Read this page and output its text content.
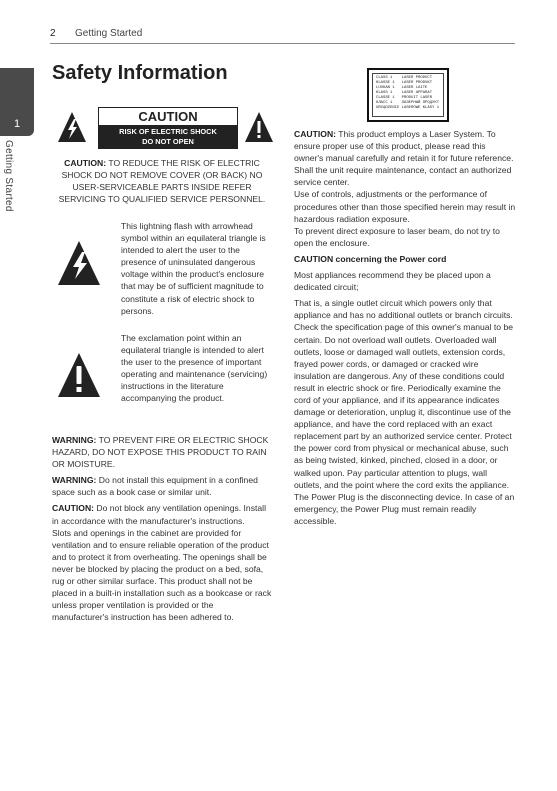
2 Getting Started
1
Getting Started
Safety Information
CAUTION
RISK OF ELECTRIC SHOCK
DO NOT OPEN
CAUTION: TO REDUCE THE RISK OF ELECTRIC SHOCK DO NOT REMOVE COVER (OR BACK) NO USER-SERVICEABLE PARTS INSIDE REFER SERVICING TO QUALIFIED SERVICE PERSONNEL.

This lightning flash with arrowhead symbol within an equilateral triangle is intended to alert the user to the presence of uninsulated dangerous voltage within the product's enclosure that may be of sufficient magnitude to constitute a risk of electric shock to persons.

The exclamation point within an equilateral triangle is intended to alert the user to the presence of important operating and maintenance (servicing) instructions in the literature accompanying the product.

WARNING: TO PREVENT FIRE OR ELECTRIC SHOCK HAZARD, DO NOT EXPOSE THIS PRODUCT TO RAIN OR MOISTURE.

WARNING: Do not install this equipment in a confined space such as a book case or similar unit.

CAUTION: Do not block any ventilation openings. Install in accordance with the manufacturer's instructions.

Slots and openings in the cabinet are provided for ventilation and to ensure reliable operation of the product and to protect it from overheating. The openings shall be never be blocked by placing the product on a bed, sofa, rug or other similar surface. This product shall not be placed in a built-in installation such as a bookcase or rack unless proper ventilation is provided or the manufacturer's instruction has been adhered to.

CLASS 1    LASER PRODUCT
KLASSE 1   LASER PRODUKT
LUOKAN 1   LASER LAITE
KLASS 1    LASER APPARAT
CLASSE 1   PRODUIT LASER
КЛАСС 1    ЛАЗЕРНЫЙ ПРОДУКТ
URZĄDZENIE LASEROWE KLASY 1

CAUTION: This product employs a Laser System. To ensure proper use of this product, please read this owner's manual carefully and retain it for future reference. Shall the unit require maintenance, contact an authorized service center.

Use of controls, adjustments or the performance of procedures other than those specified herein may result in hazardous radiation exposure.

To prevent direct exposure to laser beam, do not try to open the enclosure.

CAUTION concerning the Power cord

Most appliances recommend they be placed upon a dedicated circuit;

That is, a single outlet circuit which powers only that appliance and has no additional outlets or branch circuits. Check the specification page of this owner's manual to be certain. Do not overload wall outlets. Overloaded wall outlets, loose or damaged wall outlets, extension cords, frayed power cords, or damaged or cracked wire insulation are dangerous. Any of these conditions could result in electric shock or fire. Periodically examine the cord of your appliance, and if its appearance indicates damage or deterioration, unplug it, discontinue use of the appliance, and have the cord replaced with an exact replacement part by an authorized service center. Protect the power cord from physical or mechanical abuse, such as being twisted, kinked, pinched, closed in a door, or walked upon. Pay particular attention to plugs, wall outlets, and the point where the cord exits the appliance. The Power Plug is the disconnecting device. In case of an emergency, the Power Plug must remain readily accessible.
